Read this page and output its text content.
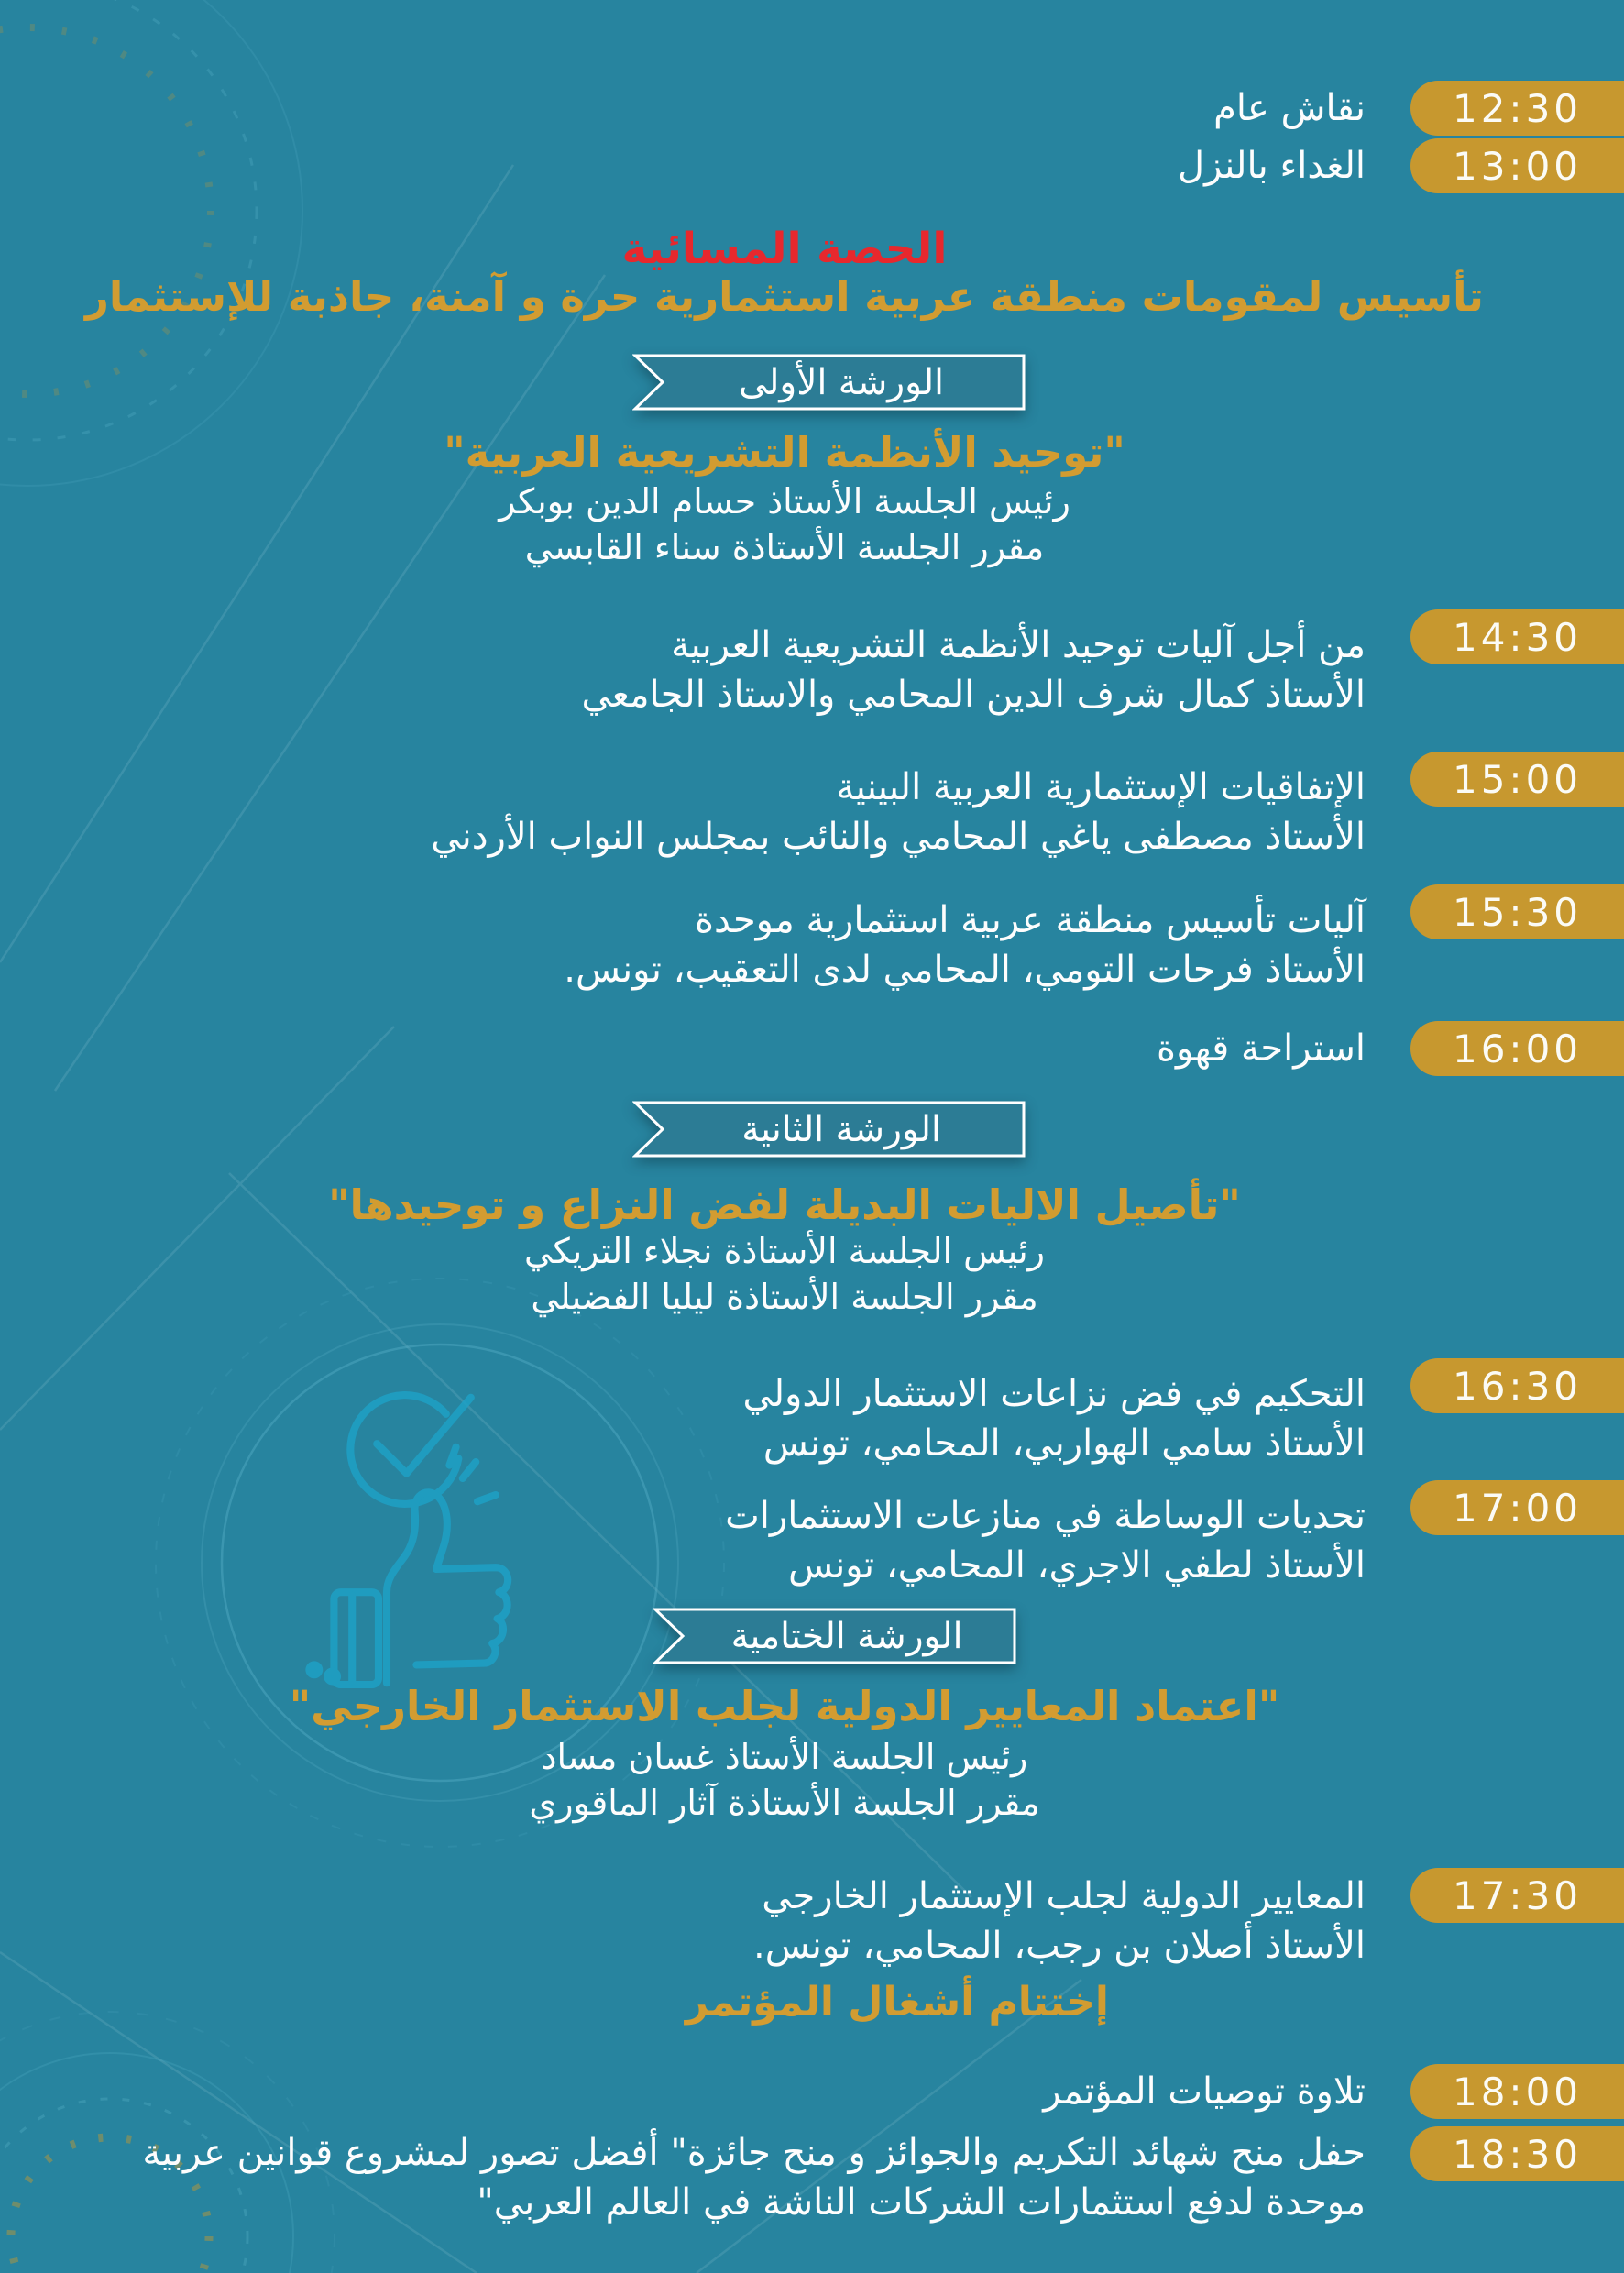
12:30
نقاش عام
13:00
الغداء بالنزل
الحصة المسائية
تأسيس لمقومات منطقة عربية استثمارية حرة و آمنة، جاذبة للإستثمار
الورشة الأولى
"توحيد الأنظمة التشريعية العربية"
رئيس الجلسة الأستاذ حسام الدين بوبكر
مقرر الجلسة الأستاذة سناء القابسي
14:30
من أجل آليات توحيد الأنظمة التشريعية العربية
الأستاذ كمال شرف الدين المحامي والاستاذ الجامعي
15:00
الإتفاقيات الإستثمارية العربية البينية
الأستاذ مصطفى ياغي المحامي والنائب بمجلس النواب الأردني
15:30
آليات تأسيس منطقة عربية استثمارية موحدة
الأستاذ فرحات التومي، المحامي لدى التعقيب، تونس.
16:00
استراحة قهوة
الورشة الثانية
"تأصيل الاليات البديلة لفض النزاع و توحيدها"
رئيس الجلسة الأستاذة نجلاء التريكي
مقرر الجلسة الأستاذة ليليا الفضيلي
16:30
التحكيم في فض نزاعات الاستثمار الدولي
الأستاذ سامي الهواربي، المحامي، تونس
17:00
تحديات الوساطة في منازعات الاستثمارات
الأستاذ لطفي الاجري، المحامي، تونس
الورشة الختامية
"اعتماد المعايير الدولية لجلب الاستثمار الخارجي"
رئيس الجلسة الأستاذ غسان مساد
مقرر الجلسة الأستاذة آثار الماقوري
17:30
المعايير الدولية لجلب الإستثمار الخارجي
الأستاذ أصلان بن رجب، المحامي، تونس.
إختتام أشغال المؤتمر
18:00
تلاوة توصيات المؤتمر
18:30
حفل منح شهائد التكريم والجوائز و منح جائزة" أفضل تصور لمشروع قوانين عربية موحدة لدفع استثمارات الشركات الناشة في العالم العربي"
